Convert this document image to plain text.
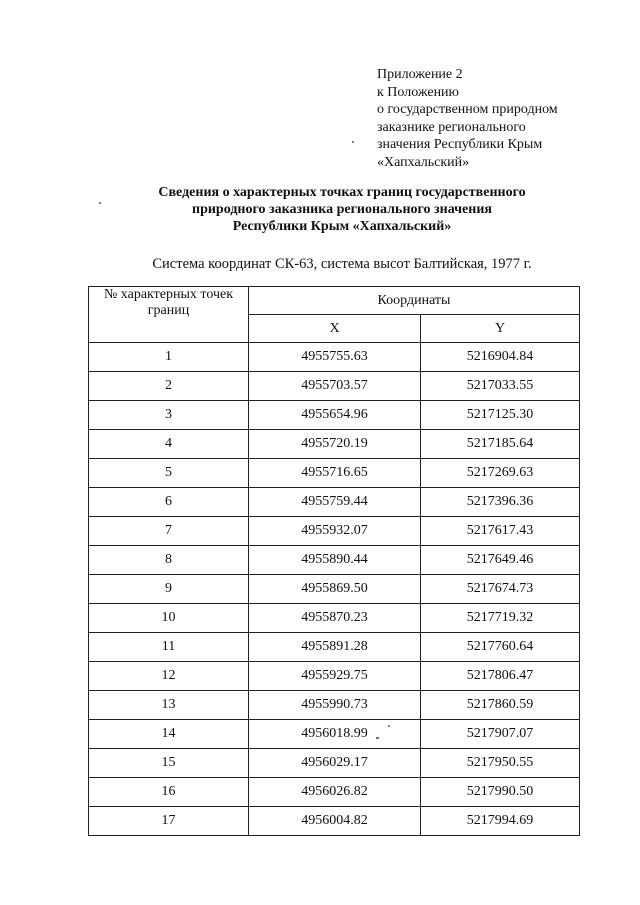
Приложение 2
к Положению
о государственном природном
заказнике регионального
значения Республики Крым
«Хапхальский»
Сведения о характерных точках границ государственного
природного заказника регионального значения
Республики Крым «Хапхальский»
Система координат СК-63, система высот Балтийская, 1977 г.
№ характерных точек границ	Координаты	
	X	Y
1	4955755.63	5216904.84
2	4955703.57	5217033.55
3	4955654.96	5217125.30
4	4955720.19	5217185.64
5	4955716.65	5217269.63
6	4955759.44	5217396.36
7	4955932.07	5217617.43
8	4955890.44	5217649.46
9	4955869.50	5217674.73
10	4955870.23	5217719.32
11	4955891.28	5217760.64
12	4955929.75	5217806.47
13	4955990.73	5217860.59
14	4956018.99	5217907.07
15	4956029.17	5217950.55
16	4956026.82	5217990.50
17	4956004.82	5217994.69
